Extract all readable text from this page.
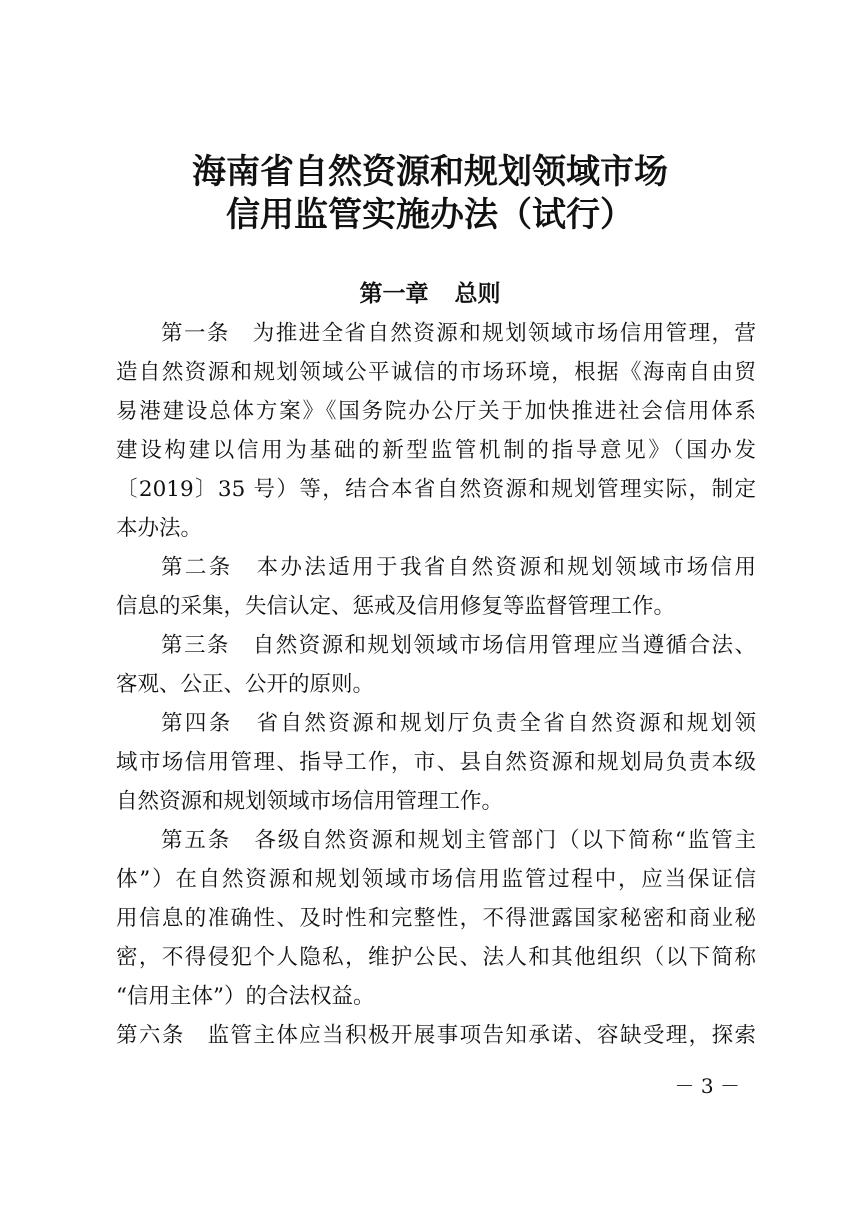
海南省自然资源和规划领域市场
信用监管实施办法（试行）
第一章 总则
第一条　为推进全省自然资源和规划领域市场信用管理，营
造自然资源和规划领域公平诚信的市场环境，根据《海南自由贸
易港建设总体方案》《国务院办公厅关于加快推进社会信用体系
建设构建以信用为基础的新型监管机制的指导意见》（国办发
〔2019〕35 号）等，结合本省自然资源和规划管理实际，制定
本办法。
第二条　本办法适用于我省自然资源和规划领域市场信用
信息的采集，失信认定、惩戒及信用修复等监督管理工作。
第三条　自然资源和规划领域市场信用管理应当遵循合法、
客观、公正、公开的原则。
第四条　省自然资源和规划厅负责全省自然资源和规划领
域市场信用管理、指导工作，市、县自然资源和规划局负责本级
自然资源和规划领域市场信用管理工作。
第五条　各级自然资源和规划主管部门（以下简称“监管主
体”）在自然资源和规划领域市场信用监管过程中，应当保证信
用信息的准确性、及时性和完整性，不得泄露国家秘密和商业秘
密，不得侵犯个人隐私，维护公民、法人和其他组织（以下简称
“信用主体”）的合法权益。
第六条　监管主体应当积极开展事项告知承诺、容缺受理，探索
－ 3 －
